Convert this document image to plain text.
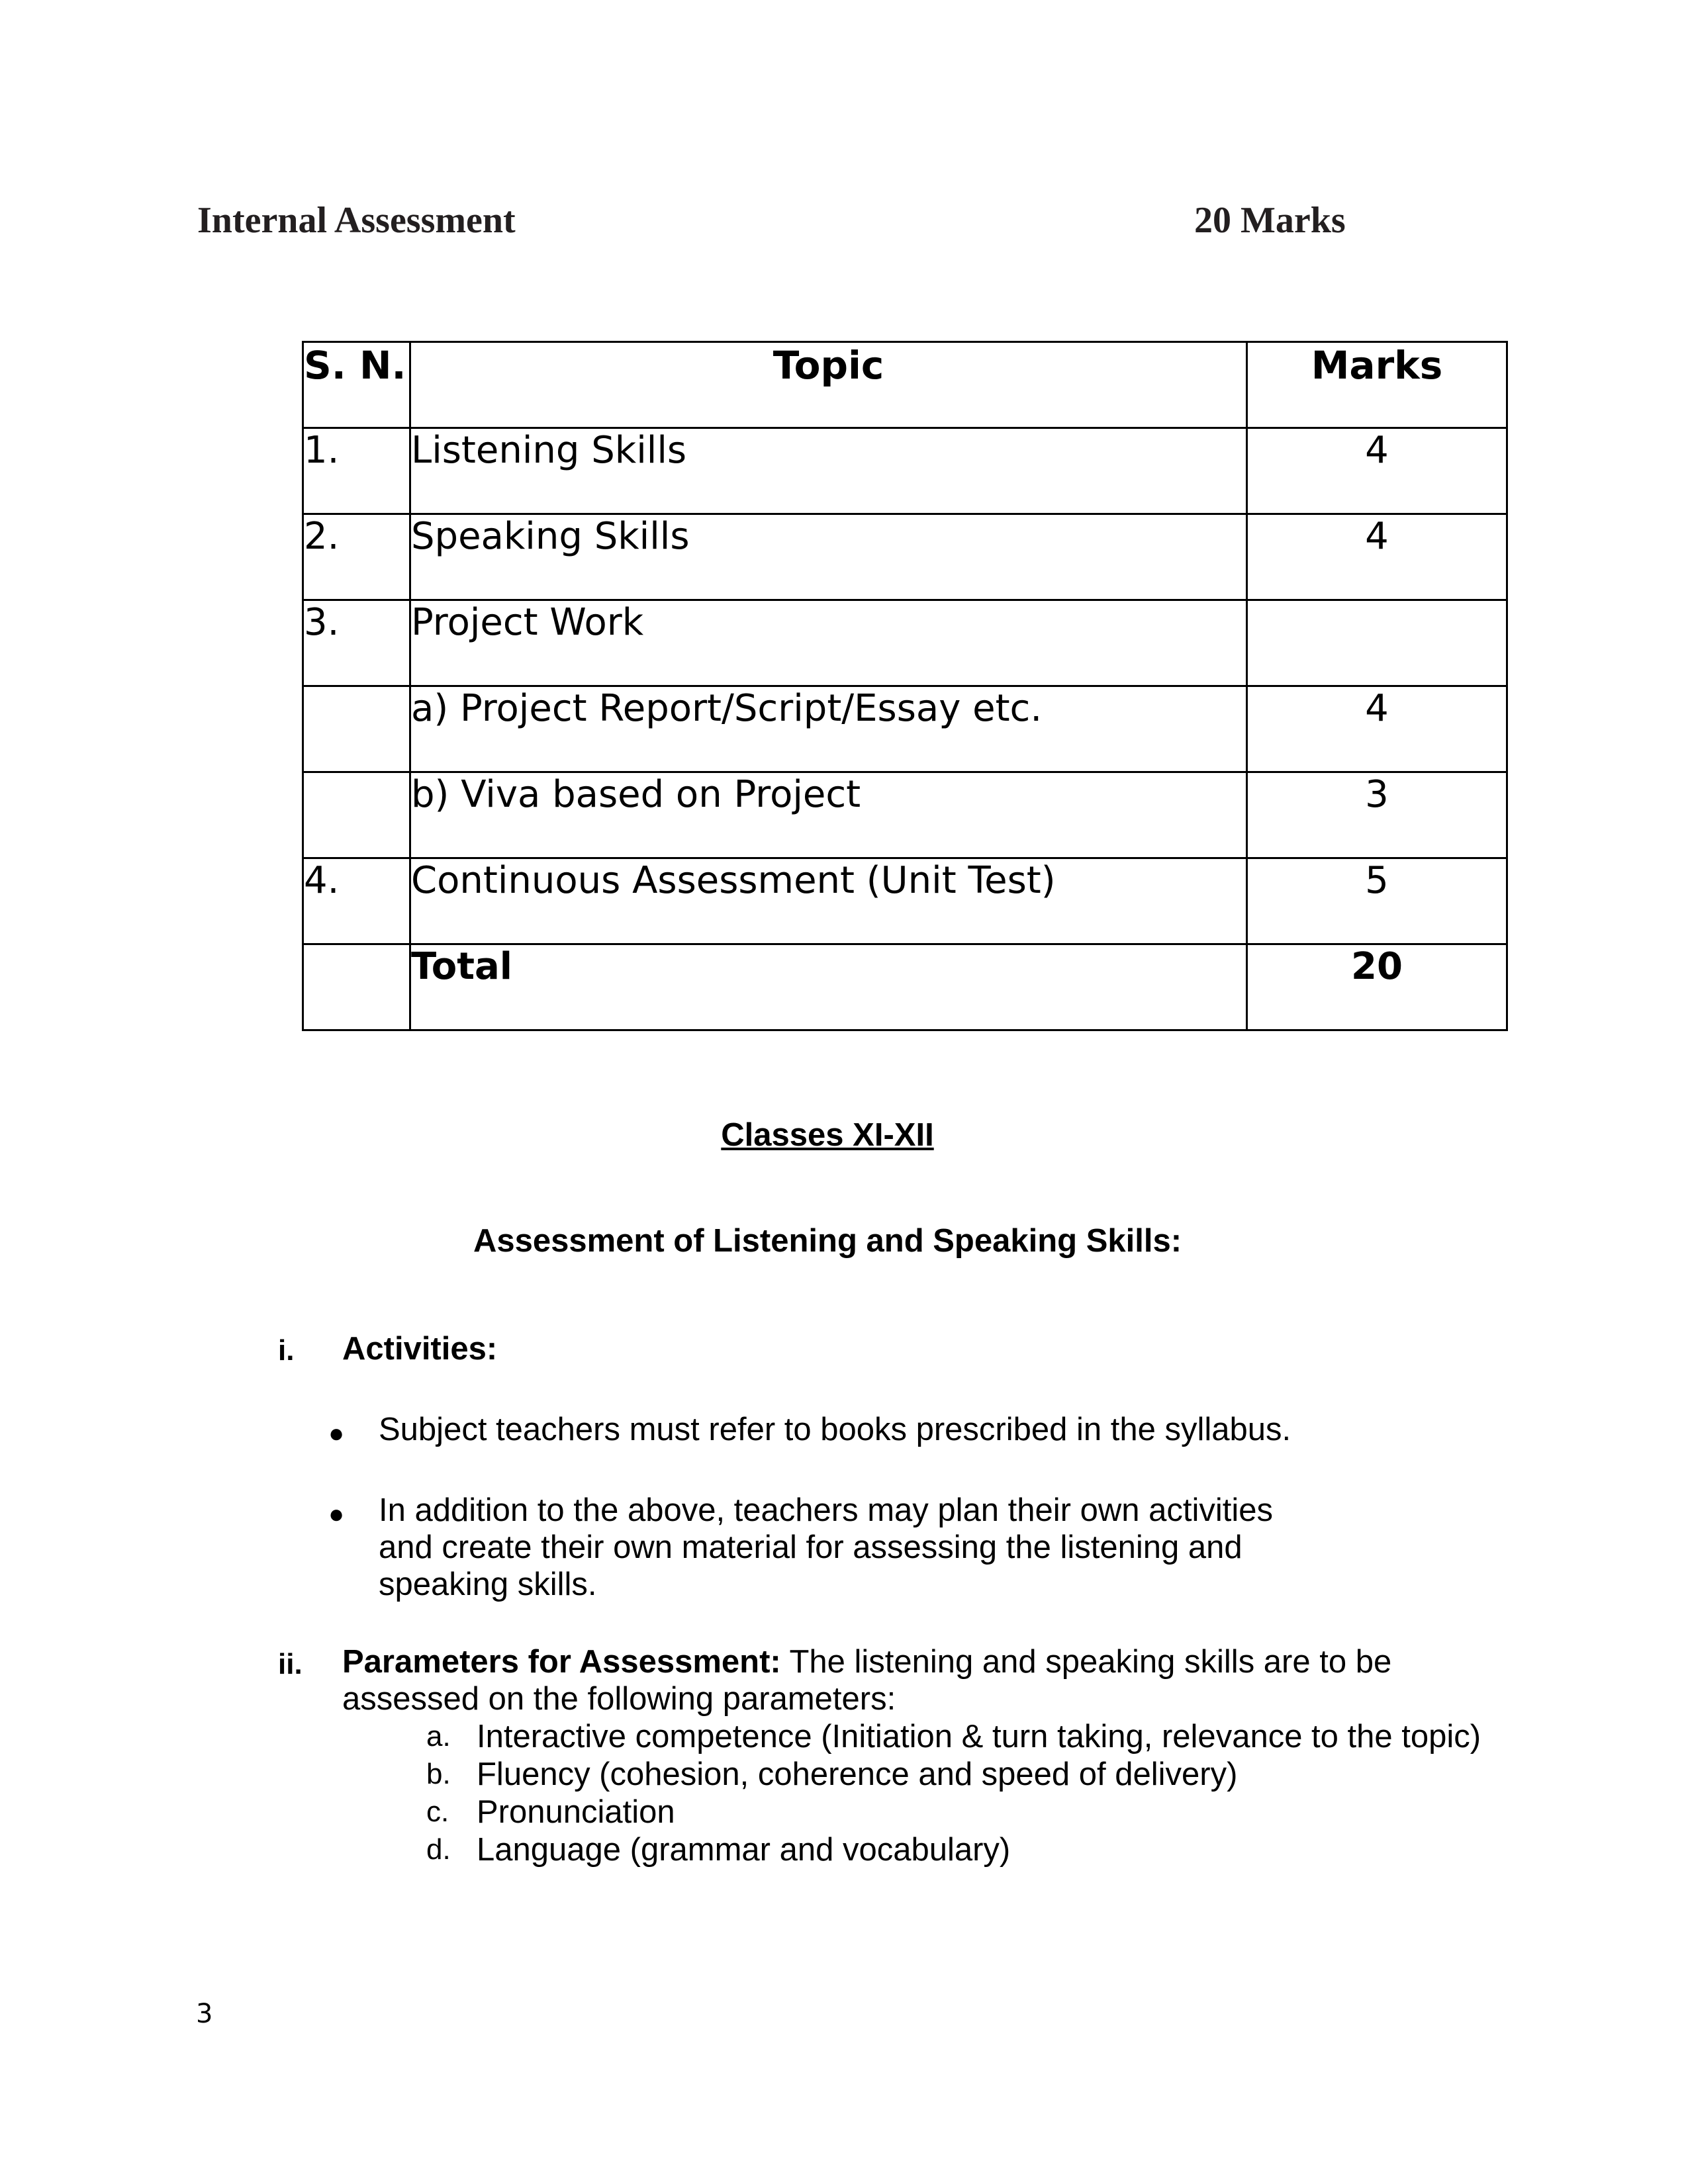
Internal Assessment	20 Marks
S. N.	Topic	Marks
1.	Listening Skills	4
2.	Speaking Skills	4
3.	Project Work	
	a) Project Report/Script/Essay etc.	4
	b) Viva based on Project	3
4.	Continuous Assessment (Unit Test)	5
	Total	20
Classes XI-XII
Assessment of Listening and Speaking Skills:
i. Activities:
● Subject teachers must refer to books prescribed in the syllabus.
● In addition to the above, teachers may plan their own activities and create their own material for assessing the listening and speaking skills.
ii. Parameters for Assessment: The listening and speaking skills are to be assessed on the following parameters:
a. Interactive competence (Initiation & turn taking, relevance to the topic)
b. Fluency (cohesion, coherence and speed of delivery)
c. Pronunciation
d. Language (grammar and vocabulary)
3
